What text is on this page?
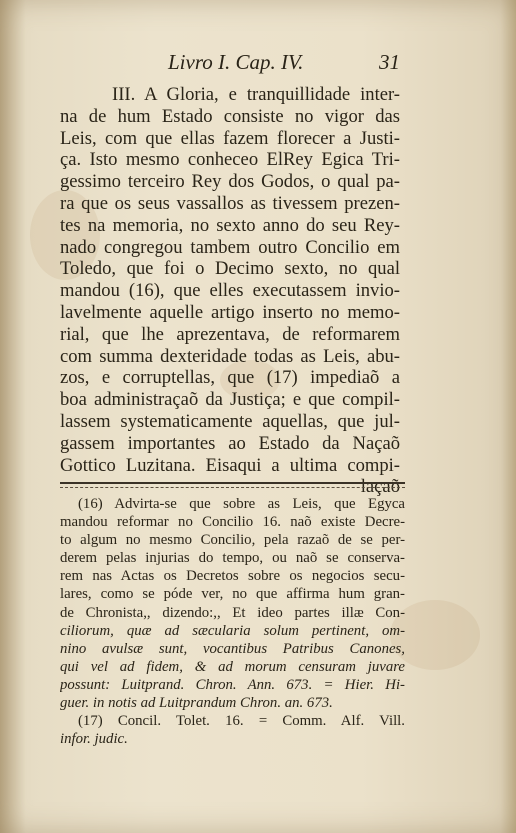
Livro I. Cap. IV.	31
III. A Gloria, e tranquillidade inter-
na de hum Estado consiste no vigor das
Leis, com que ellas fazem florecer a Justi-
ça. Isto mesmo conheceo ElRey Egica Tri-
gessimo terceiro Rey dos Godos, o qual pa-
ra que os seus vassallos as tivessem prezen-
tes na memoria, no sexto anno do seu Rey-
nado congregou tambem outro Concilio em
Toledo, que foi o Decimo sexto, no qual
mandou (16), que elles executassem invio-
lavelmente aquelle artigo inserto no memo-
rial, que lhe aprezentava, de reformarem
com summa dexteridade todas as Leis, abu-
zos, e corruptellas, que (17) impediaõ a
boa administraçaõ da Justiça; e que compil-
lassem systematicamente aquellas, que jul-
gassem importantes ao Estado da Naçaõ
Gottico Luzitana. Eisaqui a ultima compi-
laçaõ
(16) Advirta-se que sobre as Leis, que Egyca
mandou reformar no Concilio 16. naõ existe Decre-
to algum no mesmo Concilio, pela razaõ de se per-
derem pelas injurias do tempo, ou naõ se conserva-
rem nas Actas os Decretos sobre os negocios secu-
lares, como se póde ver, no que affirma hum gran-
de Chronista,, dizendo:,, Et ideo partes illæ Con-
ciliorum, quæ ad sæcularia solum pertinent, om-
nino avulsæ sunt, vocantibus Patribus Canones,
qui vel ad fidem, & ad morum censuram juvare
possunt: Luitprand. Chron. Ann. 673. = Hier. Hi-
guer. in notis ad Luitprandum Chron. an. 673.
(17) Concil. Tolet. 16. = Comm. Alf. Vill.
infor. judic.
